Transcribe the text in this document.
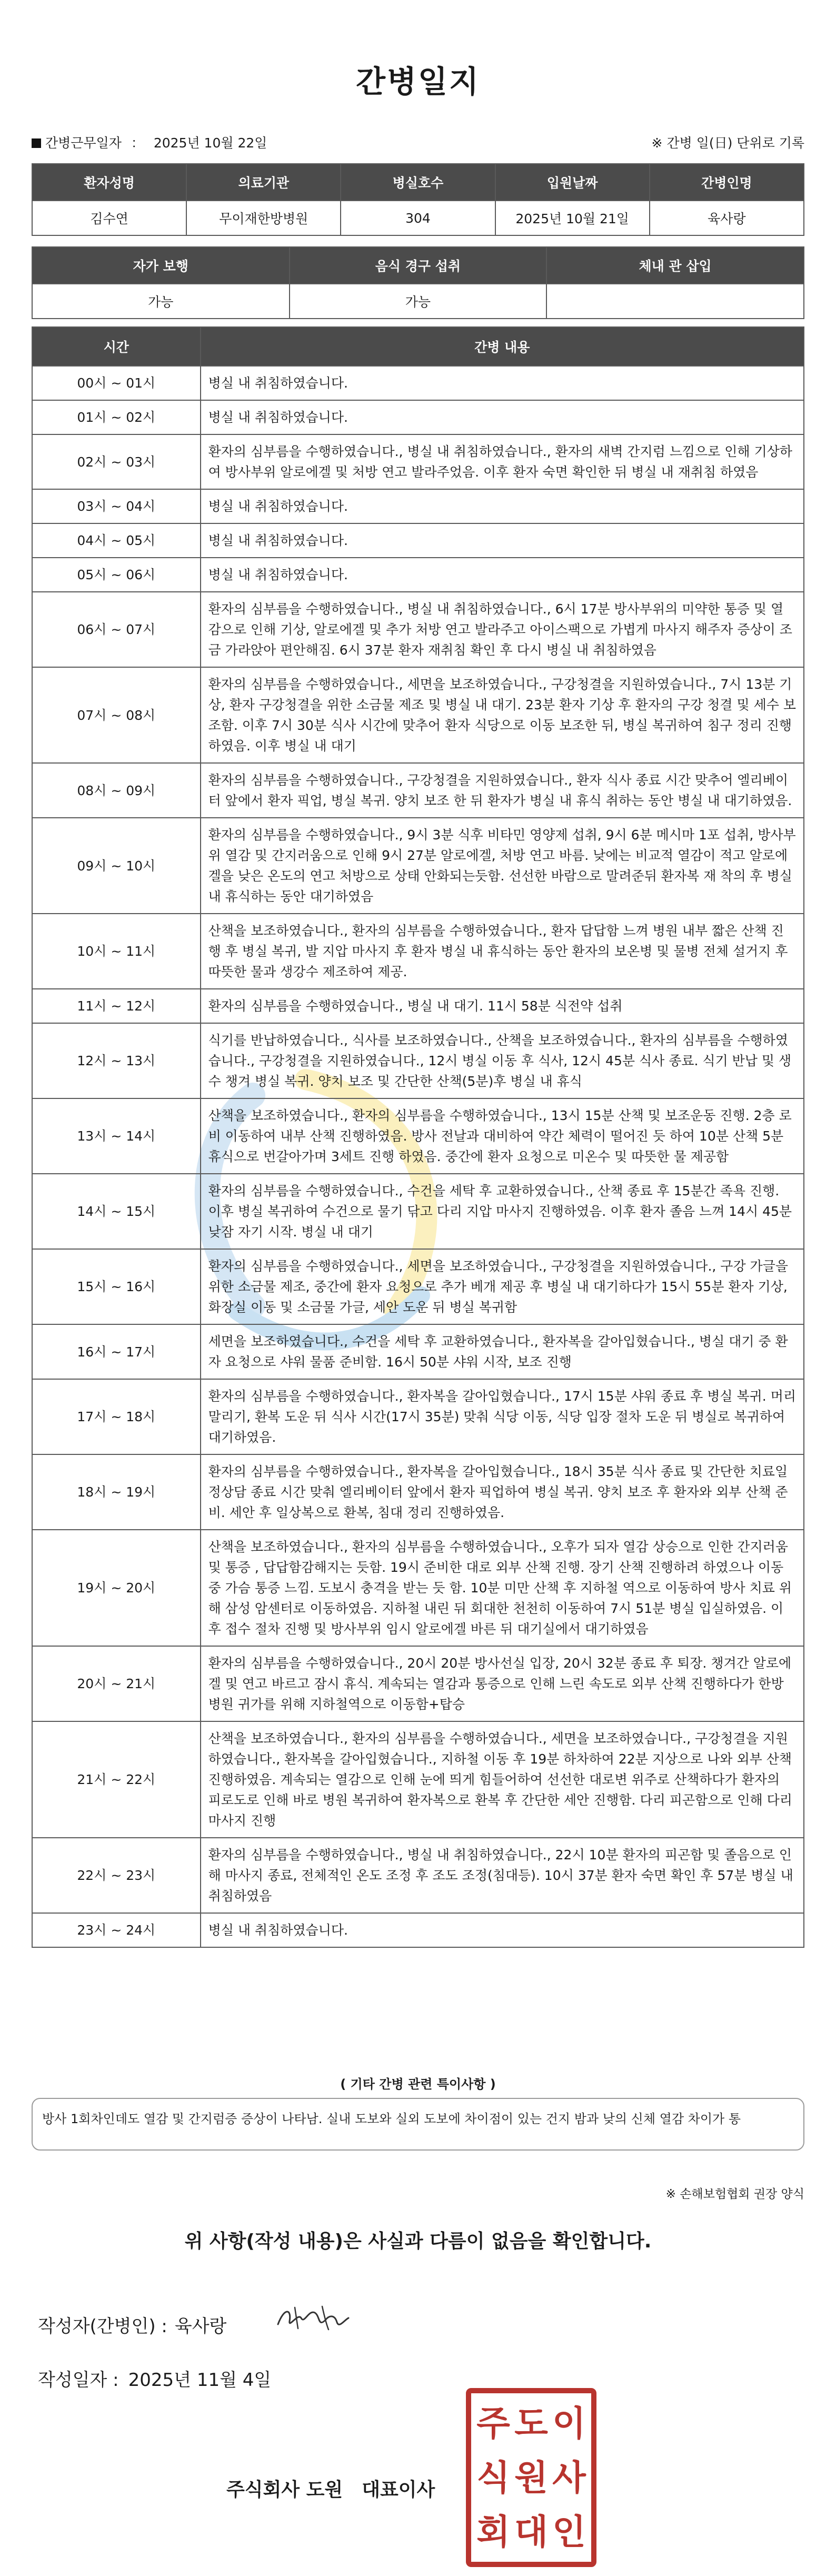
간병일지
간병근무일자 ： 2025년 10월 22일	※ 간병 일(日) 단위로 기록
환자성명	의료기관	병실호수	입원날짜	간병인명
김수연	무이재한방병원	304	2025년 10월 21일	육사랑
자가 보행	음식 경구 섭취	체내 관 삽입
가능	가능	
시간	간병 내용
00시 ~ 01시	병실 내 취침하였습니다.
01시 ~ 02시	병실 내 취침하였습니다.
02시 ~ 03시	환자의 심부름을 수행하였습니다., 병실 내 취침하였습니다., 환자의 새벽 간지럼 느낌으로 인해 기상하여 방사부위 알로에겔 및 처방 연고 발라주었음. 이후 환자 숙면 확인한 뒤 병실 내 재취침 하였음
03시 ~ 04시	병실 내 취침하였습니다.
04시 ~ 05시	병실 내 취침하였습니다.
05시 ~ 06시	병실 내 취침하였습니다.
06시 ~ 07시	환자의 심부름을 수행하였습니다., 병실 내 취침하였습니다., 6시 17분 방사부위의 미약한 통증 및 열감으로 인해 기상, 알로에겔 및 추가 처방 연고 발라주고 아이스팩으로 가볍게 마사지 해주자 증상이 조금 가라앉아 편안해짐. 6시 37분 환자 재취침 확인 후 다시 병실 내 취침하였음
07시 ~ 08시	환자의 심부름을 수행하였습니다., 세면을 보조하였습니다., 구강청결을 지원하였습니다., 7시 13분 기상, 환자 구강청결을 위한 소금물 제조 및 병실 내 대기. 23분 환자 기상 후 환자의 구강 청결 및 세수 보조함. 이후 7시 30분 식사 시간에 맞추어 환자 식당으로 이동 보조한 뒤, 병실 복귀하여 침구 정리 진행하였음. 이후 병실 내 대기
08시 ~ 09시	환자의 심부름을 수행하였습니다., 구강청결을 지원하였습니다., 환자 식사 종료 시간 맞추어 엘리베이터 앞에서 환자 픽업, 병실 복귀. 양치 보조 한 뒤 환자가 병실 내 휴식 취하는 동안 병실 내 대기하였음.
09시 ~ 10시	환자의 심부름을 수행하였습니다., 9시 3분 식후 비타민 영양제 섭취, 9시 6분 메시마 1포 섭취, 방사부위 열감 및 간지러움으로 인해 9시 27분 알로에겔, 처방 연고 바름. 낮에는 비교적 열감이 적고 알로에겔을 낮은 온도의 연고 처방으로 상태 안화되는듯함. 선선한 바람으로 말려준뒤 환자복 재 착의 후 병실 내 휴식하는 동안 대기하였음
10시 ~ 11시	산책을 보조하였습니다., 환자의 심부름을 수행하였습니다., 환자 답답함 느껴 병원 내부 짧은 산책 진행 후 병실 복귀, 발 지압 마사지 후 환자 병실 내 휴식하는 동안 환자의 보온병 및 물병 전체 설거지 후 따뜻한 물과 생강수 제조하여 제공.
11시 ~ 12시	환자의 심부름을 수행하였습니다., 병실 내 대기. 11시 58분 식전약 섭취
12시 ~ 13시	식기를 반납하였습니다., 식사를 보조하였습니다., 산책을 보조하였습니다., 환자의 심부름을 수행하였습니다., 구강청결을 지원하였습니다., 12시 병실 이동 후 식사, 12시 45분 식사 종료. 식기 반납 및 생수 챙겨 병실 복귀. 양치 보조 및 간단한 산책(5분)후 병실 내 휴식
13시 ~ 14시	산책을 보조하였습니다., 환자의 심부름을 수행하였습니다., 13시 15분 산책 및 보조운동 진행. 2층 로비 이동하여 내부 산책 진행하였음. 방사 전날과 대비하여 약간 체력이 떨어진 듯 하여 10분 산책 5분 휴식으로 번갈아가며 3세트 진행 하였음. 중간에 환자 요청으로 미온수 및 따뜻한 물 제공함
14시 ~ 15시	환자의 심부름을 수행하였습니다., 수건을 세탁 후 교환하였습니다., 산책 종료 후 15분간 족욕 진행. 이후 병실 복귀하여 수건으로 물기 닦고 다리 지압 마사지 진행하였음. 이후 환자 졸음 느껴 14시 45분 낮잠 자기 시작. 병실 내 대기
15시 ~ 16시	환자의 심부름을 수행하였습니다., 세면을 보조하였습니다., 구강청결을 지원하였습니다., 구강 가글을 위한 소금물 제조, 중간에 환자 요청으로 추가 베개 제공 후 병실 내 대기하다가 15시 55분 환자 기상, 화장실 이동 및 소금물 가글, 세안 도운 뒤 병실 복귀함
16시 ~ 17시	세면을 보조하였습니다., 수건을 세탁 후 교환하였습니다., 환자복을 갈아입혔습니다., 병실 대기 중 환자 요청으로 샤워 물품 준비함. 16시 50분 샤워 시작, 보조 진행
17시 ~ 18시	환자의 심부름을 수행하였습니다., 환자복을 갈아입혔습니다., 17시 15분 샤워 종료 후 병실 복귀. 머리 말리기, 환복 도운 뒤 식사 시간(17시 35분) 맞춰 식당 이동, 식당 입장 절차 도운 뒤 병실로 복귀하여 대기하였음.
18시 ~ 19시	환자의 심부름을 수행하였습니다., 환자복을 갈아입혔습니다., 18시 35분 식사 종료 및 간단한 치료일정상담 종료 시간 맞춰 엘리베이터 앞에서 환자 픽업하여 병실 복귀. 양치 보조 후 환자와 외부 산책 준비. 세안 후 일상복으로 환복, 침대 정리 진행하였음.
19시 ~ 20시	산책을 보조하였습니다., 환자의 심부름을 수행하였습니다., 오후가 되자 열감 상승으로 인한 간지러움 및 통증 , 답답함감해지는 듯함. 19시 준비한 대로 외부 산책 진행. 장기 산책 진행하려 하였으나 이동중 가슴 통증 느낌. 도보시 충격을 받는 듯 함. 10분 미만 산책 후 지하철 역으로 이동하여 방사 치료 위해 삼성 암센터로 이동하였음. 지하철 내린 뒤 회대한 천천히 이동하여 7시 51분 병실 입실하였음. 이후 접수 절차 진행 및 방사부위 임시 알로에겔 바른 뒤 대기실에서 대기하였음
20시 ~ 21시	환자의 심부름을 수행하였습니다., 20시 20분 방사선실 입장, 20시 32분 종료 후 퇴장. 챙겨간 알로에겔 및 연고 바르고 잠시 휴식. 계속되는 열감과 통증으로 인해 느린 속도로 외부 산책 진행하다가 한방병원 귀가를 위해 지하철역으로 이동함+탑승
21시 ~ 22시	산책을 보조하였습니다., 환자의 심부름을 수행하였습니다., 세면을 보조하였습니다., 구강청결을 지원하였습니다., 환자복을 갈아입혔습니다., 지하철 이동 후 19분 하차하여 22분 지상으로 나와 외부 산책 진행하였음. 계속되는 열감으로 인해 눈에 띄게 힘들어하여 선선한 대로변 위주로 산책하다가 환자의 피로도로 인해 바로 병원 복귀하여 환자복으로 환복 후 간단한 세안 진행함. 다리 피곤함으로 인해 다리 마사지 진행
22시 ~ 23시	환자의 심부름을 수행하였습니다., 병실 내 취침하였습니다., 22시 10분 환자의 피곤함 및 졸음으로 인해 마사지 종료, 전체적인 온도 조정 후 조도 조정(침대등). 10시 37분 환자 숙면 확인 후 57분 병실 내 취침하였음
23시 ~ 24시	병실 내 취침하였습니다.
( 기타 간병 관련 특이사항 )
방사 1회차인데도 열감 및 간지럼증 증상이 나타남. 실내 도보와 실외 도보에 차이점이 있는 건지 밤과 낮의 신체 열감 차이가 통
※ 손해보험협회 권장 양식
위 사항(작성 내용)은 사실과 다름이 없음을 확인합니다.
작성자(간병인) : 육사랑
작성일자 : 2025년 11월 4일
주식회사 도원 대표이사
주 도 이
식 원 사
회 대 인
